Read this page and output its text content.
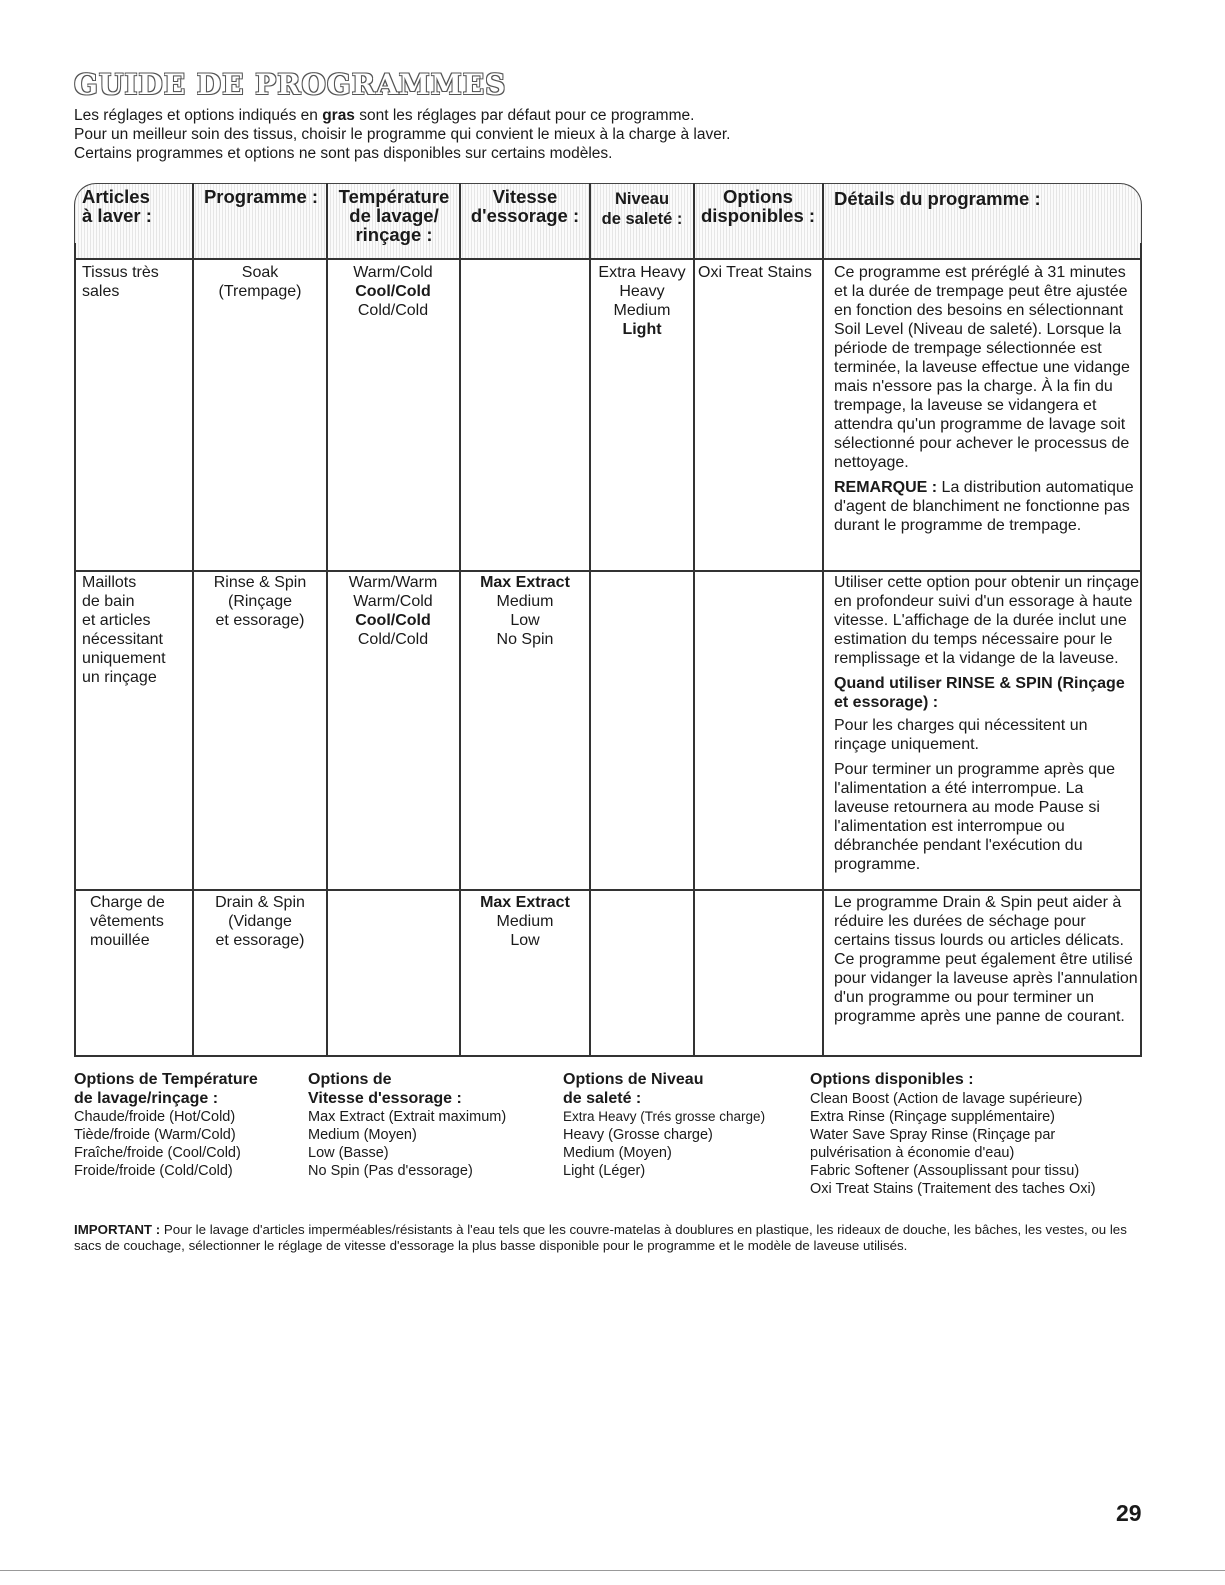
GUIDE DE PROGRAMMES

Les réglages et options indiqués en gras sont les réglages par défaut pour ce programme.

Pour un meilleur soin des tissus, choisir le programme qui convient le mieux à la charge à laver.

Certains programmes et options ne sont pas disponibles sur certains modèles.

Articles
à laver :
Programme :	Température
de lavage/
rinçage :
Vitesse
d'essorage :
Niveau
de saleté :
Options
disponibles :
Détails du programme :
Tissus très
sales
Soak
(Trempage)
Warm/Cold
Cool/Cold
Cold/Cold
Extra Heavy
Heavy
Medium
Light
Oxi Treat Stains	Ce programme est préréglé à 31 minutes et la durée de trempage peut être ajustée en fonction des besoins en sélectionnant Soil Level (Niveau de saleté). Lorsque la période de trempage sélectionnée est terminée, la laveuse effectue une vidange mais n'essore pas la charge. À la fin du trempage, la laveuse se vidangera et attendra qu'un programme de lavage soit sélectionné pour achever le processus de nettoyage.

REMARQUE : La distribution automatique d'agent de blanchiment ne fonctionne pas durant le programme de trempage.

Maillots
de bain
et articles
nécessitant
uniquement
un rinçage
Rinse & Spin
(Rinçage
et essorage)
Warm/Warm
Warm/Cold
Cool/Cold
Cold/Cold
Max Extract
Medium
Low
No Spin

Utiliser cette option pour obtenir un rinçage en profondeur suivi d'un essorage à haute vitesse. L'affichage de la durée inclut une estimation du temps nécessaire pour le remplissage et la vidange de la laveuse.

Quand utiliser RINSE & SPIN (Rinçage et essorage) :

Pour les charges qui nécessitent un rinçage uniquement.

Pour terminer un programme après que l'alimentation a été interrompue. La laveuse retournera au mode Pause si l'alimentation est interrompue ou débranchée pendant l'exécution du programme.

Charge de
vêtements
mouillée
Drain & Spin
(Vidange
et essorage)
Max Extract
Medium
Low

Le programme Drain & Spin peut aider à réduire les durées de séchage pour certains tissus lourds ou articles délicats. Ce programme peut également être utilisé pour vidanger la laveuse après l'annulation d'un programme ou pour terminer un programme après une panne de courant.

Options de Température
de lavage/rinçage :
Chaude/froide (Hot/Cold)
Tiède/froide (Warm/Cold)
Fraîche/froide (Cool/Cold)
Froide/froide (Cold/Cold)
Options de
Vitesse d'essorage :
Max Extract (Extrait maximum)
Medium (Moyen)
Low (Basse)
No Spin (Pas d'essorage)
Options de Niveau
de saleté :
Extra Heavy (Trés grosse charge)
Heavy (Grosse charge)
Medium (Moyen)
Light (Léger)
Options disponibles :
Clean Boost (Action de lavage supérieure)
Extra Rinse (Rinçage supplémentaire)
Water Save Spray Rinse (Rinçage par
pulvérisation à économie d'eau)
Fabric Softener (Assouplissant pour tissu)
Oxi Treat Stains (Traitement des taches Oxi)
IMPORTANT : Pour le lavage d'articles imperméables/résistants à l'eau tels que les couvre-matelas à doublures en plastique, les rideaux de douche, les bâches, les vestes, ou les sacs de couchage, sélectionner le réglage de vitesse d'essorage la plus basse disponible pour le programme et le modèle de laveuse utilisés.
29
